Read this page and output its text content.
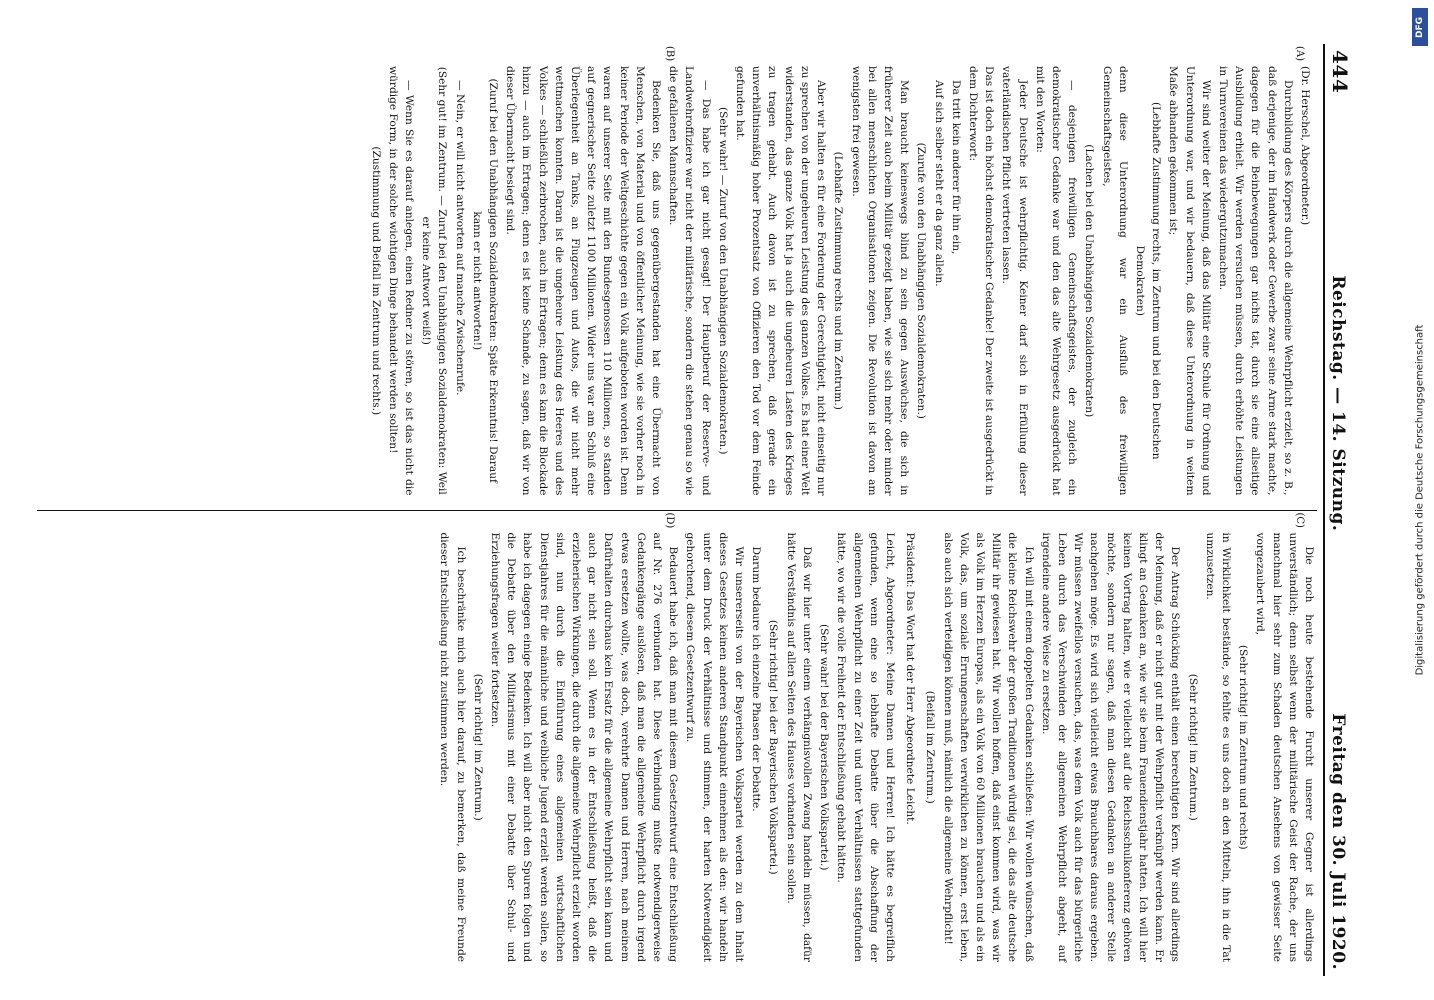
444
Reichstag. — 14. Sitzung.
Freitag den 30. Juli 1920.
(A)
(B)

(Dr. Herschel, Abgeordneter.)

Durchbildung des Körpers durch die allgemeine Wehrpflicht erzielt, so z. B., daß derjenige, der im Handwerk oder Gewerbe zwar seine Arme stark machte, dagegen für die Beinbewegungen gar nichts tat, durch sie eine allseitige Ausbildung erhielt. Wir werden versuchen müssen, durch erhöhte Leistungen in Turnvereinen das wiedergutzumachen.

Wir sind weiter der Meinung, daß das Militär eine Schule für Ordnung und Unterordnung war, und wir bedauern, daß diese Unterordnung in weitem Maße abhanden gekommen ist;

(Lebhafte Zustimmung rechts, im Zentrum und bei den Deutschen Demokraten)

denn diese Unterordnung war ein Ausfluß des freiwilligen Gemeinschaftsgeistes,

(Lachen bei den Unabhängigen Sozialdemokraten)

— desjenigen freiwilligen Gemeinschaftsgeistes, der zugleich ein demokratischer Gedanke war und den das alte Wehrgesetz ausgedrückt hat mit den Worten:

Jeder Deutsche ist wehrpflichtig. Keiner darf sich in Erfüllung dieser vaterländischen Pflicht vertreten lassen.

Das ist doch ein höchst demokratischer Gedanke! Der zweite ist ausgedrückt in dem Dichterwort:

Da tritt kein anderer für ihn ein,

Auf sich selber steht er da ganz allein.

(Zurufe von den Unabhängigen Sozialdemokraten.)

Man braucht keineswegs blind zu sein gegen Auswüchse, die sich in früherer Zeit auch beim Militär gezeigt haben, wie sie sich mehr oder minder bei allen menschlichen Organisationen zeigen. Die Revolution ist davon am wenigsten frei gewesen.

(Lebhafte Zustimmung rechts und im Zentrum.)

Aber wir halten es für eine Forderung der Gerechtigkeit, nicht einseitig nur zu sprechen von der ungeheuren Leistung des ganzen Volkes. Es hat einer Welt widerstanden, das ganze Volk hat ja auch die ungeheuren Lasten des Krieges zu tragen gehabt. Auch davon ist zu sprechen, daß gerade ein unverhältnismäßig hoher Prozentsatz von Offizieren den Tod vor dem Feinde gefunden hat.

(Sehr wahr! — Zuruf von den Unabhängigen Sozialdemokraten.)

— Das habe ich gar nicht gesagt! Der Hauptberuf der Reserve- und Landwehroffiziere war nicht der militärische, sondern die stehen genau so wie die gefallenen Mannschaften.

Bedenken Sie, daß uns gegenübergestanden hat eine Übermacht von Menschen, von Material und von öffentlicher Meinung, wie sie vorher noch in keiner Periode der Weltgeschichte gegen ein Volk aufgeboten worden ist. Denn waren auf unserer Seite mit den Bundesgenossen 110 Millionen, so standen auf gegnerischer Seite zuletzt 1100 Millionen. Wider uns war am Schluß eine Überlegenheit an Tanks, an Flugzeugen und Autos, die wir nicht mehr wettmachen konnten. Daran ist die ungeheure Leistung des Heeres und des Volkes — schließlich zerbrochen, auch im Ertragen; denn es kam die Blockade hinzu — auch im Ertragen; denn es ist keine Schande, zu sagen, daß wir von dieser Übermacht besiegt sind.

(Zuruf bei den Unabhängigen Sozialdemokraten: Späte Erkenntnis! Darauf kann er nicht antworten!)

— Nein, er will nicht antworten auf manche Zwischenrufe.

(Sehr gut! im Zentrum. — Zuruf bei den Unabhängigen Sozialdemokraten: Weil er keine Antwort weiß!)

— Wenn Sie es darauf anlegen, einen Redner zu stören, so ist das nicht die würdige Form, in der solche wichtigen Dinge behandelt werden sollten!

(Zustimmung und Beifall im Zentrum und rechts.)

(C)
(D)

Die noch heute bestehende Furcht unserer Gegner ist allerdings unverständlich; denn selbst wenn der militärische Geist der Rache, der uns manchmal hier sehr zum Schaden deutschen Ansehens von gewisser Seite vorgezaubert wird,

(Sehr richtig! im Zentrum und rechts)

in Wirklichkeit bestände, so fehlte es uns doch an den Mitteln, ihn in die Tat umzusetzen.

(Sehr richtig! im Zentrum.)

Der Antrag Schücking enthält einen berechtigten Kern. Wir sind allerdings der Meinung, daß er nicht gut mit der Wehrpflicht verknüpft werden kann. Er klingt an Gedanken an, wie wir sie beim Frauendienstjahr hatten. Ich will hier keinen Vortrag halten, wie er vielleicht auf die Reichsschulkonferenz gehören möchte, sondern nur sagen, daß man diesen Gedanken an anderer Stelle nachgehen möge. Es wird sich vielleicht etwas Brauchbares daraus ergeben. Wir müssen zweifellos versuchen, das, was dem Volk auch für das bürgerliche Leben durch das Verschwinden der allgemeinen Wehrpflicht abgeht, auf irgendeine andere Weise zu ersetzen.

Ich will mit einem doppelten Gedanken schließen: Wir wollen wünschen, daß die kleine Reichswehr der großen Traditionen würdig sei, die das alte deutsche Militär ihr gewiesen hat. Wir wollen hoffen, daß einst kommen wird, was wir als Volk im Herzen Europas, als ein Volk von 60 Millionen brauchen und als ein Volk, das, um soziale Errungenschaften verwirklichen zu können, erst leben, also auch sich verteidigen können muß, nämlich die allgemeine Wehrpflicht!

(Beifall im Zentrum.)

Präsident: Das Wort hat der Herr Abgeordnete Leicht.

Leicht, Abgeordneter: Meine Damen und Herren! Ich hätte es begreiflich gefunden, wenn eine so lebhafte Debatte über die Abschaffung der allgemeinen Wehrpflicht zu einer Zeit und unter Verhältnissen stattgefunden hätte, wo wir die volle Freiheit der Entschließung gehabt hätten.

(Sehr wahr! bei der Bayerischen Volkspartei.)

Daß wir hier unter einem verhängnisvollen Zwang handeln müssen, dafür hätte Verständnis auf allen Seiten des Hauses vorhanden sein sollen.

(Sehr richtig! bei der Bayerischen Volkspartei.)

Darum bedaure ich einzelne Phasen der Debatte.

Wir unsererseits von der Bayerischen Volkspartei werden zu dem Inhalt dieses Gesetzes keinen anderen Standpunkt einnehmen als den: wir handeln unter dem Druck der Verhältnisse und stimmen, der harten Notwendigkeit gehorchend, diesem Gesetzentwurf zu.

Bedauert habe ich, daß man mit diesem Gesetzentwurf eine Entschließung auf Nr. 276 verbunden hat. Diese Verbindung mußte notwendigerweise Gedankengänge auslösen, daß man die allgemeine Wehrpflicht durch irgend etwas ersetzen wollte, was doch, verehrte Damen und Herren, nach meinem Dafürhalten durchaus kein Ersatz für die allgemeine Wehrpflicht sein kann und auch gar nicht sein soll. Wenn es in der Entschließung heißt, daß die erzieherischen Wirkungen, die durch die allgemeine Wehrpflicht erzielt worden sind, nun durch die Einführung eines allgemeinen wirtschaftlichen Dienstjahres für die männliche und weibliche Jugend erzielt werden sollen, so habe ich dagegen einige Bedenken. Ich will aber nicht den Spuren folgen und die Debatte über den Militarismus mit einer Debatte über Schul- und Erziehungsfragen weiter fortsetzen.

(Sehr richtig! im Zentrum.)

Ich beschränke mich auch hier darauf, zu bemerken, daß meine Freunde dieser Entschließung nicht zustimmen werden.

DFG
Digitalisierung gefördert durch die Deutsche Forschungsgemeinschaft
